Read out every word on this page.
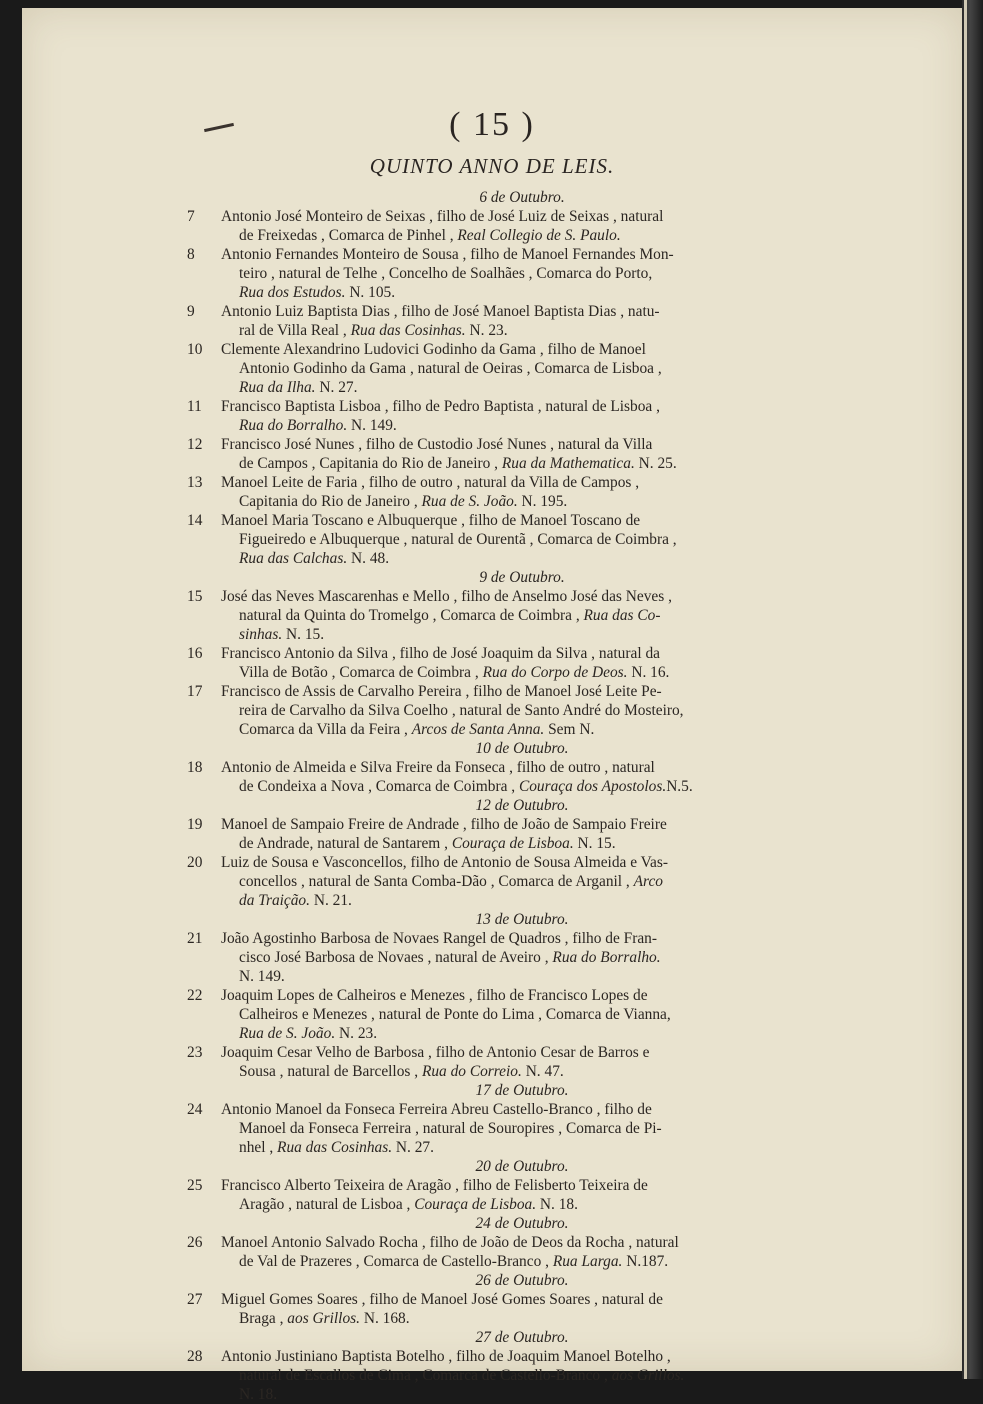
( 15 )
QUINTO ANNO DE LEIS.
6 de Outubro.
7	Antonio José Monteiro de Seixas , filho de José Luiz de Seixas , natural
de Freixedas , Comarca de Pinhel , Real Collegio de S. Paulo.
8	Antonio Fernandes Monteiro de Sousa , filho de Manoel Fernandes Mon-
teiro , natural de Telhe , Concelho de Soalhães , Comarca do Porto,
Rua dos Estudos. N. 105.
9	Antonio Luiz Baptista Dias , filho de José Manoel Baptista Dias , natu-
ral de Villa Real , Rua das Cosinhas. N. 23.
10	Clemente Alexandrino Ludovici Godinho da Gama , filho de Manoel
Antonio Godinho da Gama , natural de Oeiras , Comarca de Lisboa ,
Rua da Ilha. N. 27.
11	Francisco Baptista Lisboa , filho de Pedro Baptista , natural de Lisboa ,
Rua do Borralho. N. 149.
12	Francisco José Nunes , filho de Custodio José Nunes , natural da Villa
de Campos , Capitania do Rio de Janeiro , Rua da Mathematica. N. 25.
13	Manoel Leite de Faria , filho de outro , natural da Villa de Campos ,
Capitania do Rio de Janeiro , Rua de S. João. N. 195.
14	Manoel Maria Toscano e Albuquerque , filho de Manoel Toscano de
Figueiredo e Albuquerque , natural de Ourentã , Comarca de Coimbra ,
Rua das Calchas. N. 48.
9 de Outubro.
15	José das Neves Mascarenhas e Mello , filho de Anselmo José das Neves ,
natural da Quinta do Tromelgo , Comarca de Coimbra , Rua das Co-
sinhas. N. 15.
16	Francisco Antonio da Silva , filho de José Joaquim da Silva , natural da
Villa de Botão , Comarca de Coimbra , Rua do Corpo de Deos. N. 16.
17	Francisco de Assis de Carvalho Pereira , filho de Manoel José Leite Pe-
reira de Carvalho da Silva Coelho , natural de Santo André do Mosteiro,
Comarca da Villa da Feira , Arcos de Santa Anna. Sem N.
10 de Outubro.
18	Antonio de Almeida e Silva Freire da Fonseca , filho de outro , natural
de Condeixa a Nova , Comarca de Coimbra , Couraça dos Apostolos.N.5.
12 de Outubro.
19	Manoel de Sampaio Freire de Andrade , filho de João de Sampaio Freire
de Andrade, natural de Santarem , Couraça de Lisboa. N. 15.
20	Luiz de Sousa e Vasconcellos, filho de Antonio de Sousa Almeida e Vas-
concellos , natural de Santa Comba-Dão , Comarca de Arganil , Arco
da Traição. N. 21.
13 de Outubro.
21	João Agostinho Barbosa de Novaes Rangel de Quadros , filho de Fran-
cisco José Barbosa de Novaes , natural de Aveiro , Rua do Borralho.
N. 149.
22	Joaquim Lopes de Calheiros e Menezes , filho de Francisco Lopes de
Calheiros e Menezes , natural de Ponte do Lima , Comarca de Vianna,
Rua de S. João. N. 23.
23	Joaquim Cesar Velho de Barbosa , filho de Antonio Cesar de Barros e
Sousa , natural de Barcellos , Rua do Correio. N. 47.
17 de Outubro.
24	Antonio Manoel da Fonseca Ferreira Abreu Castello-Branco , filho de
Manoel da Fonseca Ferreira , natural de Souropires , Comarca de Pi-
nhel , Rua das Cosinhas. N. 27.
20 de Outubro.
25	Francisco Alberto Teixeira de Aragão , filho de Felisberto Teixeira de
Aragão , natural de Lisboa , Couraça de Lisboa. N. 18.
24 de Outubro.
26	Manoel Antonio Salvado Rocha , filho de João de Deos da Rocha , natural
de Val de Prazeres , Comarca de Castello-Branco , Rua Larga. N.187.
26 de Outubro.
27	Miguel Gomes Soares , filho de Manoel José Gomes Soares , natural de
Braga , aos Grillos. N. 168.
27 de Outubro.
28	Antonio Justiniano Baptista Botelho , filho de Joaquim Manoel Botelho ,
natural de Escallos de Cima , Comarca de Castello-Branco , aos Grillos.
N. 18.
